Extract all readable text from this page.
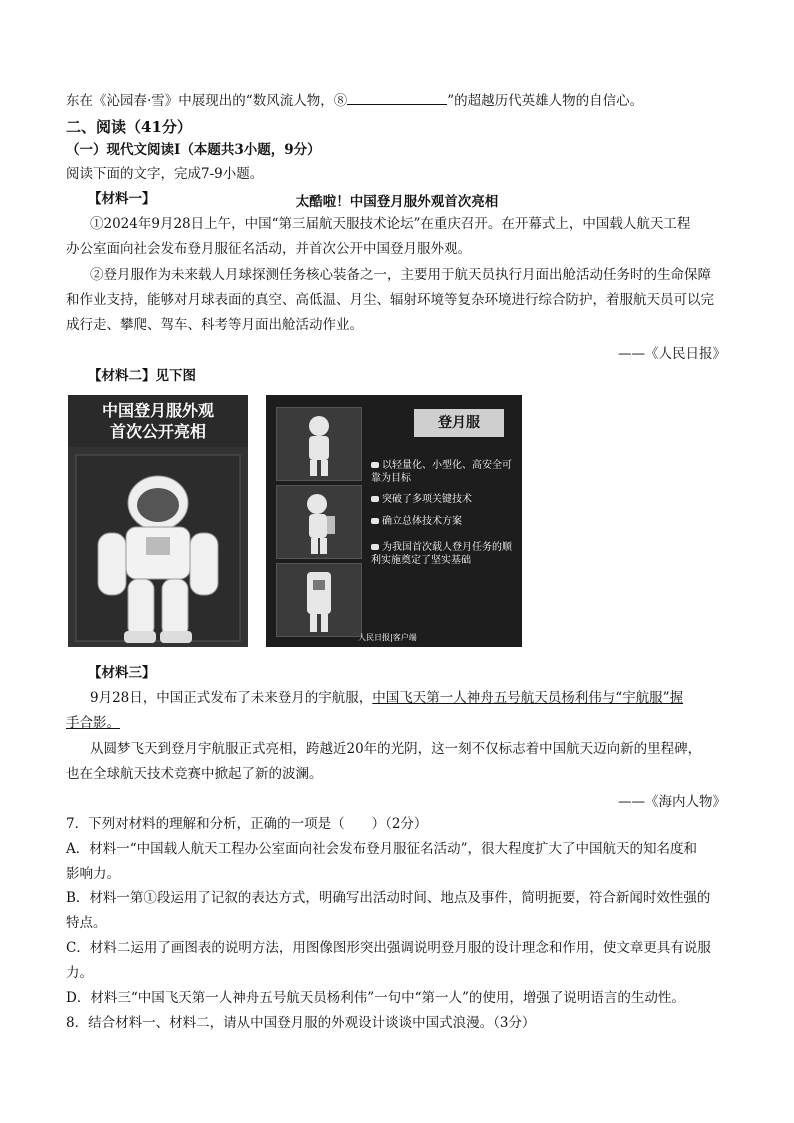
东在《沁园春·雪》中展现出的“数风流人物，⑧	”的超越历代英雄人物的自信心。
二、阅读（41分）
（一）现代文阅读Ⅰ（本题共3小题，9分）
阅读下面的文字，完成7-9小题。
【材料一】	太酷啦！中国登月服外观首次亮相
①2024年9月28日上午，中国“第三届航天服技术论坛”在重庆召开。在开幕式上，中国载人航天工程
办公室面向社会发布登月服征名活动，并首次公开中国登月服外观。
②登月服作为未来载人月球探测任务核心装备之一，主要用于航天员执行月面出舱活动任务时的生命保障
和作业支持，能够对月球表面的真空、高低温、月尘、辐射环境等复杂环境进行综合防护，着服航天员可以完
成行走、攀爬、驾车、科考等月面出舱活动作业。
——《人民日报》
【材料二】见下图
中国登月服外观
首次公开亮相	登月服
以轻量化、小型化、高安全可靠为目标
突破了多项关键技术
确立总体技术方案
为我国首次载人登月任务的顺利实施奠定了坚实基础
人民日报|客户端
【材料三】
9月28日，中国正式发布了未来登月的宇航服，中国飞天第一人神舟五号航天员杨利伟与“宇航服”握
手合影。
从圆梦飞天到登月宇航服正式亮相，跨越近20年的光阴，这一刻不仅标志着中国航天迈向新的里程碑，
也在全球航天技术竞赛中掀起了新的波澜。
——《海内人物》
7．下列对材料的理解和分析，正确的一项是（　　）（2分）
A．材料一“中国载人航天工程办公室面向社会发布登月服征名活动”，很大程度扩大了中国航天的知名度和
影响力。
B．材料一第①段运用了记叙的表达方式，明确写出活动时间、地点及事件，简明扼要，符合新闻时效性强的
特点。
C．材料二运用了画图表的说明方法，用图像图形突出强调说明登月服的设计理念和作用，使文章更具有说服
力。
D．材料三“中国飞天第一人神舟五号航天员杨利伟”一句中“第一人”的使用，增强了说明语言的生动性。
8．结合材料一、材料二，请从中国登月服的外观设计谈谈中国式浪漫。（3分）
